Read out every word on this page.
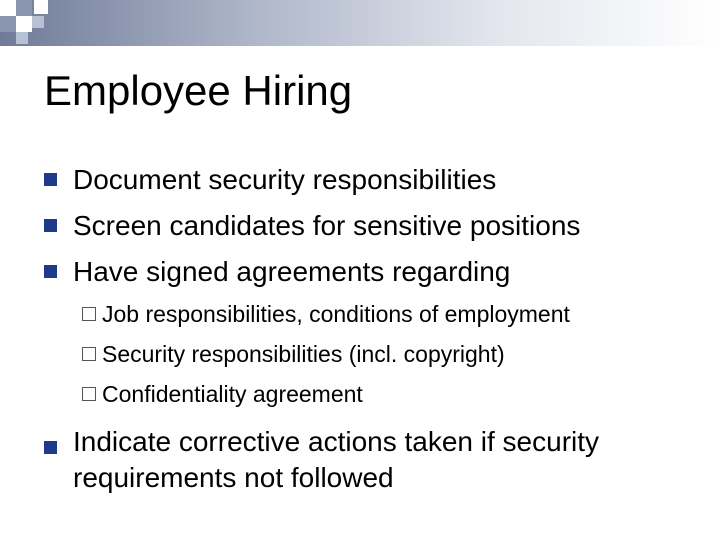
Employee Hiring
Document security responsibilities
Screen candidates for sensitive positions
Have signed agreements regarding
Job responsibilities, conditions of employment
Security responsibilities (incl. copyright)
Confidentiality agreement
Indicate corrective actions taken if security requirements not followed
